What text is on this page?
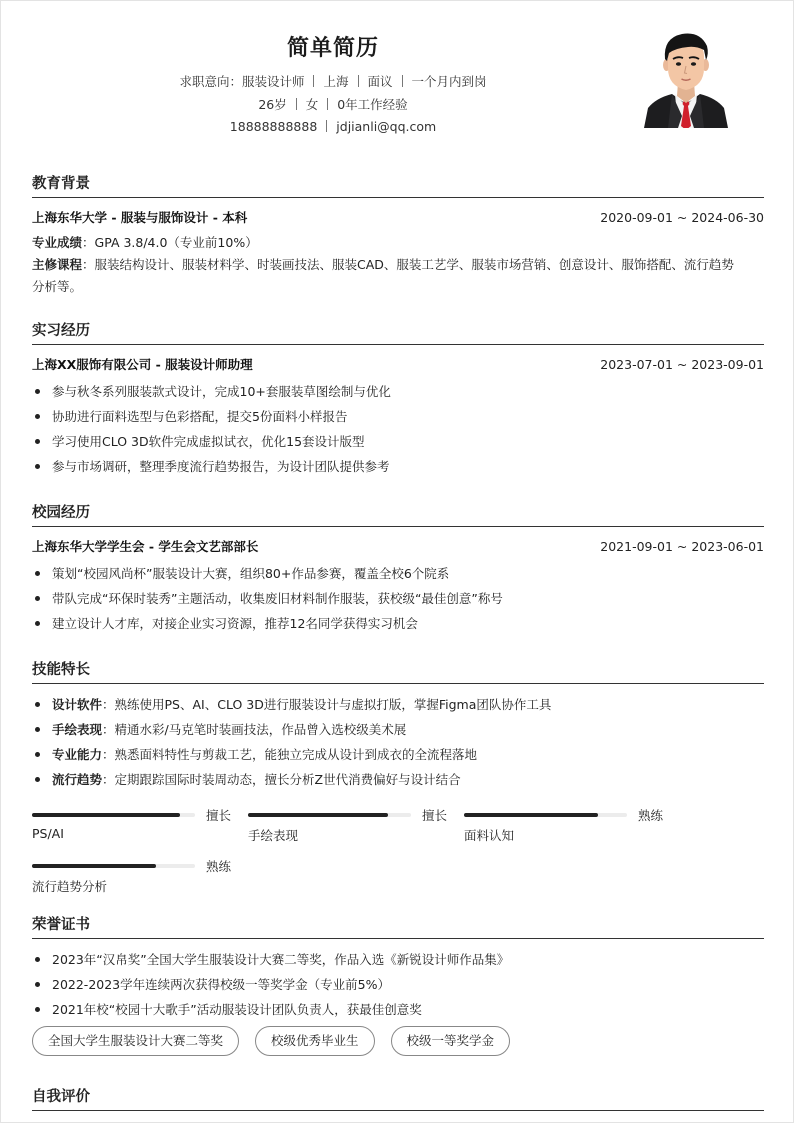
简单简历
求职意向：服装设计师 上海 面议 一个月内到岗
26岁 女 0年工作经验
18888888888 jdjianli@qq.com
教育背景
上海东华大学 - 服装与服饰设计 - 本科	2020-09-01 ~ 2024-06-30
专业成绩：GPA 3.8/4.0（专业前10%）
主修课程：服装结构设计、服装材料学、时装画技法、服装CAD、服装工艺学、服装市场营销、创意设计、服饰搭配、流行趋势
分析等。
实习经历
上海XX服饰有限公司 - 服装设计师助理	2023-07-01 ~ 2023-09-01
参与秋冬系列服装款式设计，完成10+套服装草图绘制与优化
协助进行面料选型与色彩搭配，提交5份面料小样报告
学习使用CLO 3D软件完成虚拟试衣，优化15套设计版型
参与市场调研，整理季度流行趋势报告，为设计团队提供参考
校园经历
上海东华大学学生会 - 学生会文艺部部长	2021-09-01 ~ 2023-06-01
策划“校园风尚杯”服装设计大赛，组织80+作品参赛，覆盖全校6个院系
带队完成“环保时装秀”主题活动，收集废旧材料制作服装，获校级“最佳创意”称号
建立设计人才库，对接企业实习资源，推荐12名同学获得实习机会
技能特长
设计软件：熟练使用PS、AI、CLO 3D进行服装设计与虚拟打版，掌握Figma团队协作工具
手绘表现：精通水彩/马克笔时装画技法，作品曾入选校级美术展
专业能力：熟悉面料特性与剪裁工艺，能独立完成从设计到成衣的全流程落地
流行趋势：定期跟踪国际时装周动态，擅长分析Z世代消费偏好与设计结合
擅长
PS/AI
擅长
手绘表现
熟练
面料认知
熟练
流行趋势分析
荣誉证书
2023年“汉帛奖”全国大学生服装设计大赛二等奖，作品入选《新锐设计师作品集》
2022-2023学年连续两次获得校级一等奖学金（专业前5%）
2021年校“校园十大歌手”活动服装设计团队负责人，获最佳创意奖
全国大学生服装设计大赛二等奖	校级优秀毕业生	校级一等奖学金
自我评价
